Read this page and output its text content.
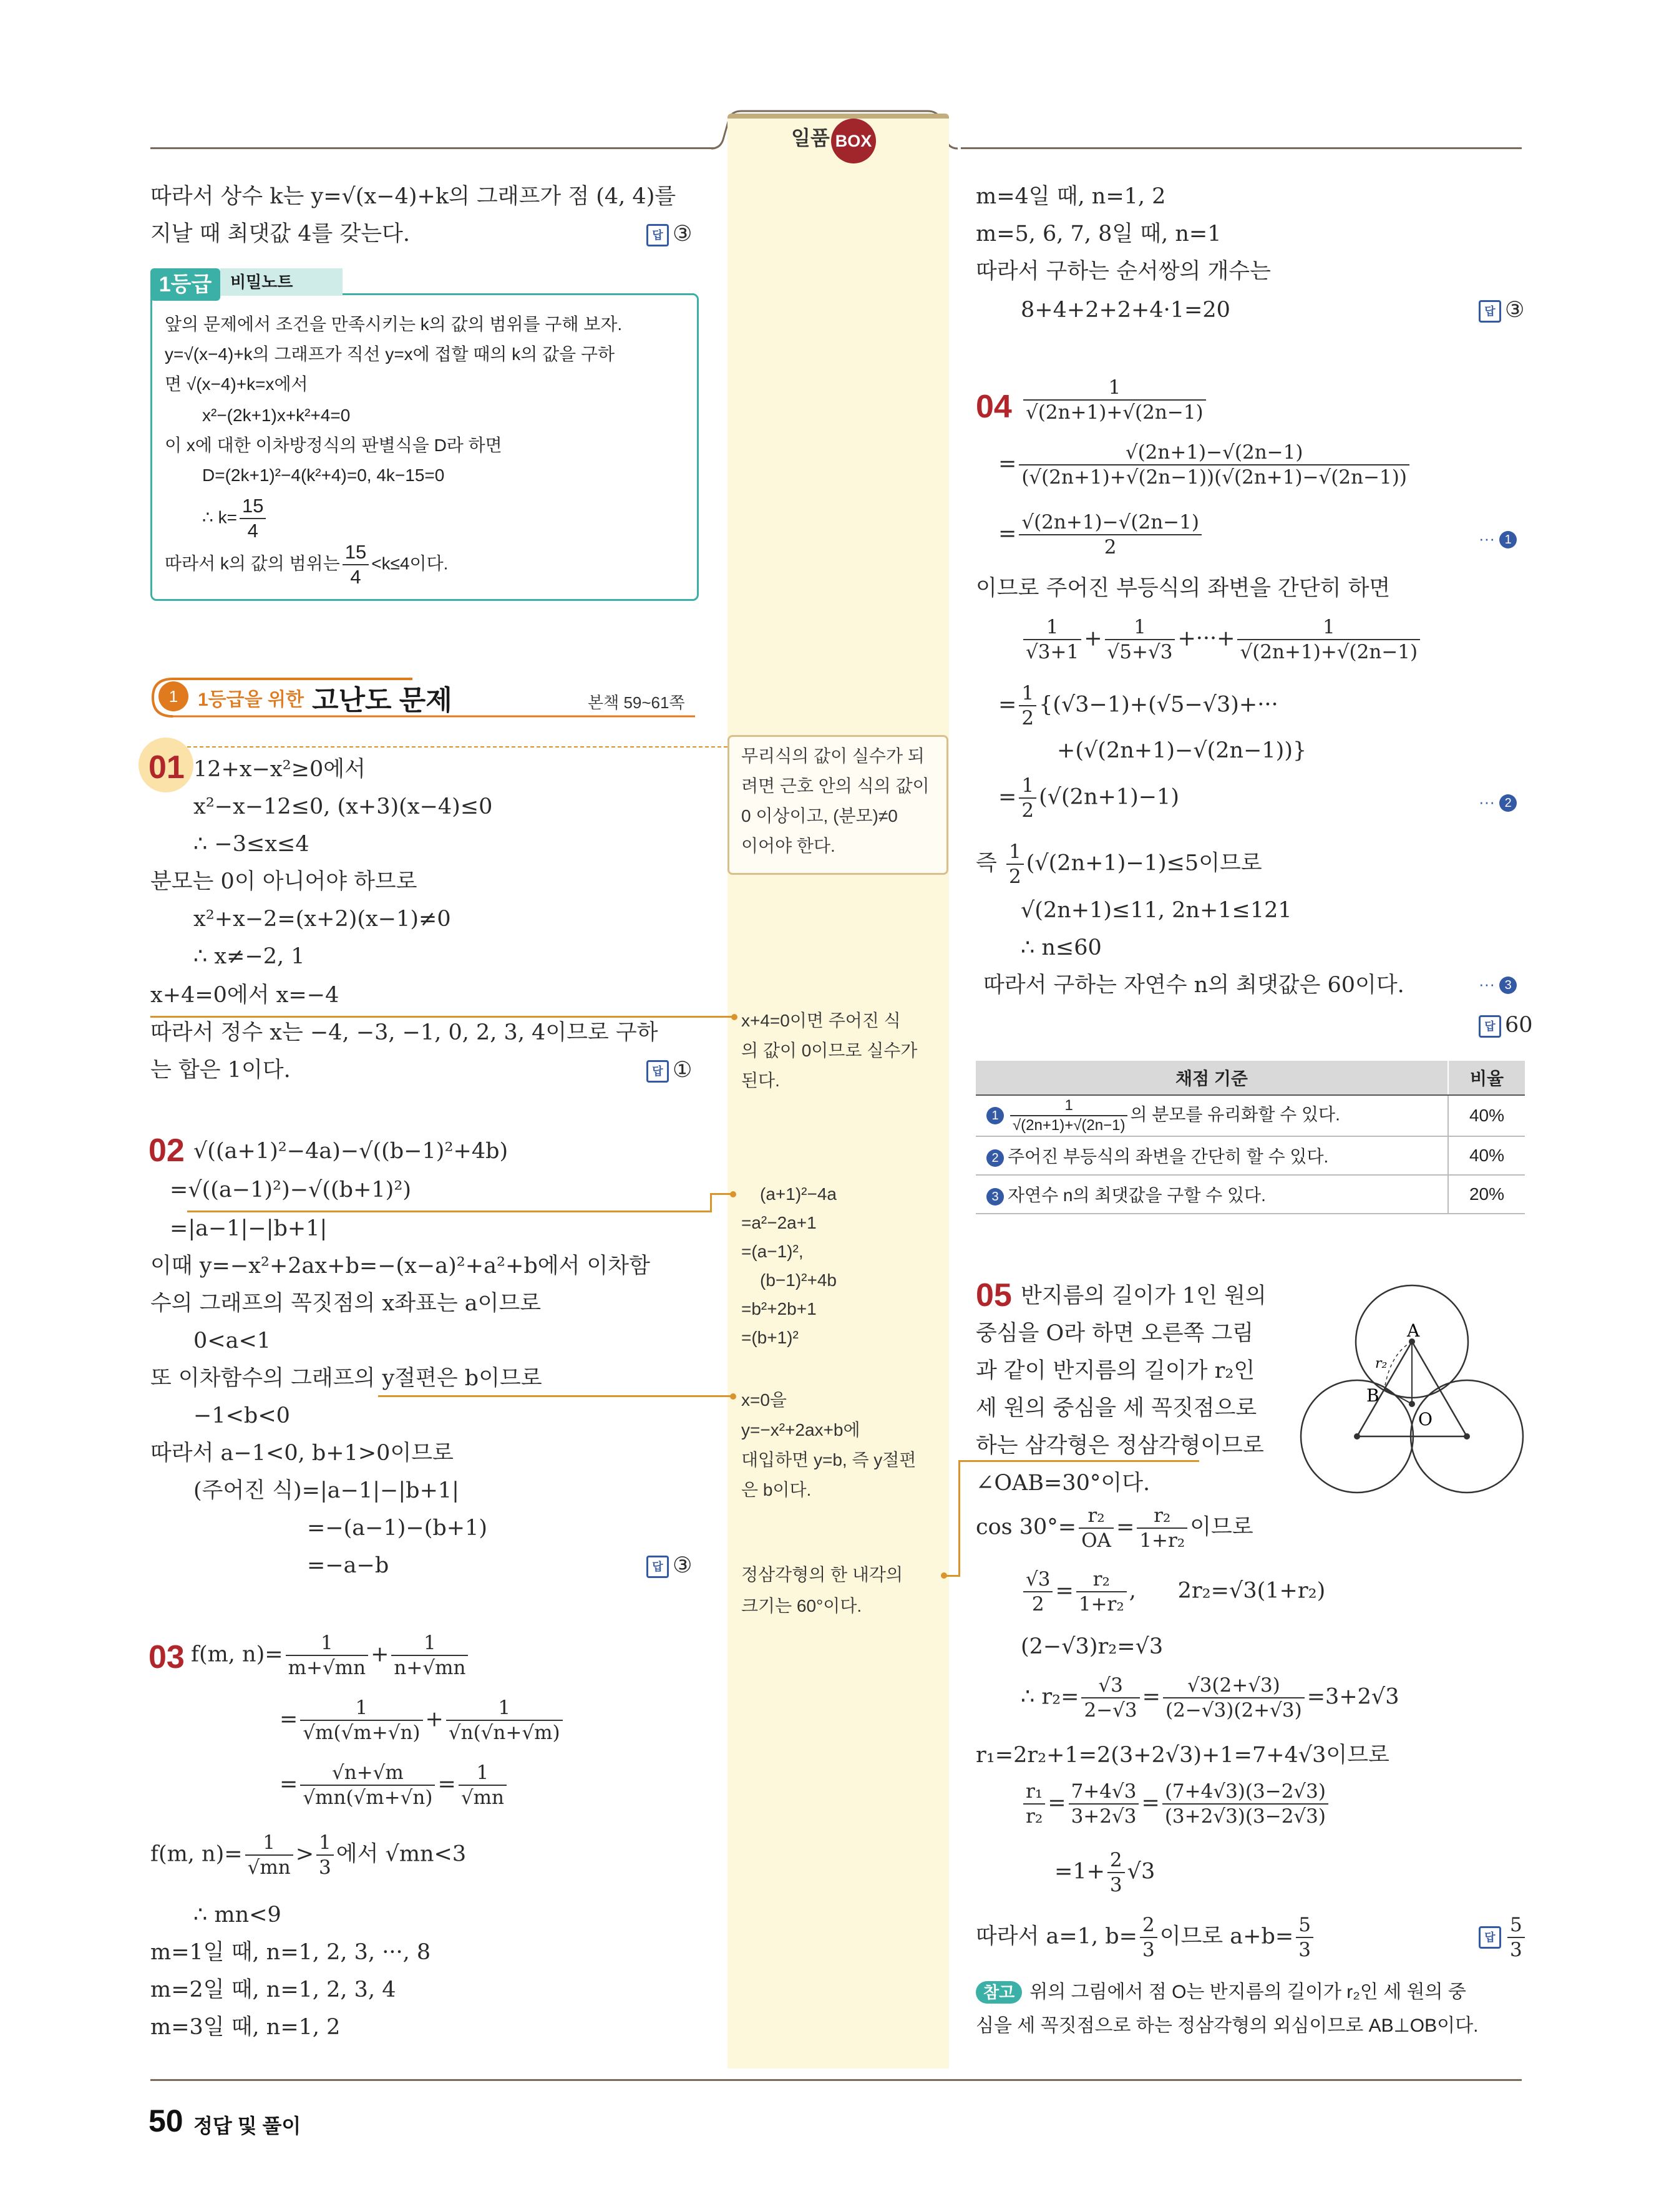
일품 BOX
따라서 상수 k는 y=√(x−4)+k의 그래프가 점 (4, 4)를
지날 때 최댓값 4를 갖는다.	답 ③
1등급	비밀노트
앞의 문제에서 조건을 만족시키는 k의 값의 범위를 구해 보자.
y=√(x−4)+k의 그래프가 직선 y=x에 접할 때의 k의 값을 구하
면 √(x−4)+k=x에서
x²−(2k+1)x+k²+4=0
이 x에 대한 이차방정식의 판별식을 D라 하면
D=(2k+1)²−4(k²+4)=0, 4k−15=0
∴ $k= \frac{15}{4}$
따라서 k의 값의 범위는 $\frac{15}{4} <k\le 4$이다.
1	1등급을 위한 고난도 문제	본책 59~61쪽
01 12+x−x²≥0에서
x²−x−12≤0, (x+3)(x−4)≤0
∴ −3≤x≤4
분모는 0이 아니어야 하므로
x²+x−2=(x+2)(x−1)≠0
∴ x≠−2, 1
x+4=0에서 x=−4
따라서 정수 x는 −4, −3, −1, 0, 2, 3, 4이므로 구하
는 합은 1이다.	답 ①
02 √((a+1)²−4a)−√((b−1)²+4b)
=√((a−1)²)−√((b+1)²)
=|a−1|−|b+1|
이때 y=−x²+2ax+b=−(x−a)²+a²+b에서 이차함
수의 그래프의 꼭짓점의 x좌표는 a이므로
0<a<1
또 이차함수의 그래프의 y절편은 b이므로
−1<b<0
따라서 a−1<0, b+1>0이므로
(주어진 식)=|a−1|−|b+1|
=−(a−1)−(b+1)
=−a−b	답 ③
03 f(m, $n)= \frac{1}{m+√mn} + \frac{1}{n+√mn}$
= $\frac{1}{√m(√m+√n)} + \frac{1}{√n(√n+√m)}$
= $\frac{√n+√m}{√mn(√m+√n)} = \frac{1}{√mn}$
f(m, $n)= \frac{1}{√mn} > \frac{1}{3}$ 에서 √mn<3
∴ mn<9
m=1일 때, n=1, 2, 3, ···, 8
m=2일 때, n=1, 2, 3, 4
m=3일 때, n=1, 2
무리식의 값이 실수가 되
려면 근호 안의 식의 값이
0 이상이고, (분모)≠0
이어야 한다.
x+4=0이면 주어진 식
의 값이 0이므로 실수가
된다.
(a+1)²−4a
=a²−2a+1
=(a−1)²,
(b−1)²+4b
=b²+2b+1
=(b+1)²
x=0을
y=−x²+2ax+b에
대입하면 y=b, 즉 y절편
은 b이다.
정삼각형의 한 내각의
크기는 60°이다.
m=4일 때, n=1, 2
m=5, 6, 7, 8일 때, n=1
따라서 구하는 순서쌍의 개수는
8+4+2+2+4·1=20	답 ③
$04 \frac{1}{√(2n+1)+√(2n-1)}$
= $\frac{√(2n+1)-√(2n-1)}{(√(2n+1)+√(2n-1))(√(2n+1)-√(2n-1))}$
= $\frac{√(2n+1)-√(2n-1)}{2}$	··· 1
이므로 주어진 부등식의 좌변을 간단히 하면
$\frac{1}{√3+1} + \frac{1}{√5+√3}$ +···+ $\frac{1}{√(2n+1)+√(2n-1)}$
= $\frac{1}{2} \{(√3-1)+(√5-√3)+\cdot\cdot\cdot$
+(√(2n+1)−√(2n−1))}
= $\frac{1}{2} (√(2n+1)-1)$	··· 2
즉 $\frac{1}{2} (√(2n+1)-1)\le 5$이므로
√(2n+1)≤11, 2n+1≤121
∴ n≤60
따라서 구하는 자연수 n의 최댓값은 60이다.	··· 3
답 60
채점 기준	비율
$1 \frac{1}{√(2n+1)+√(2n-1)}$ 의 분모를 유리화할 수 있다.	40%
2 주어진 부등식의 좌변을 간단히 할 수 있다.	40%
3 자연수 n의 최댓값을 구할 수 있다.	20%
05 반지름의 길이가 1인 원의
중심을 O라 하면 오른쪽 그림
과 같이 반지름의 길이가 r₂인
세 원의 중심을 세 꼭짓점으로
하는 삼각형은 정삼각형이므로
∠OAB=30°이다.
A
B
O
r₂
$\cos 30^\circ= \frac{\text{r₂}}{OA} = \frac{\text{r₂}}{\text{1+r₂}}$ 이므로
$\frac{√3}{2} = \frac{\text{r₂}}{\text{1+r₂}}$ ,      2r₂=√3(1+r₂)
(2−√3)r₂=√3
∴ $r_2= \frac{√3}{2-√3} = \frac{√3(2+√3)}{(2-√3)(2+√3)} =3+2√3$
r₁=2r₂+1=2(3+2√3)+1=7+4√3이므로
$\frac{\text{r₁}}{\text{r₂}} = \frac{7+4√3}{3+2√3} = \frac{(7+4√3)(3-2√3)}{(3+2√3)(3-2√3)}$
$=1+ \frac{2}{3} √3$
따라서 a=1, $b= \frac{2}{3}$ 이므로 $a+b= \frac{5}{3}$	답 $\frac{5}{3}$
참고 위의 그림에서 점 O는 반지름의 길이가 r₂인 세 원의 중
심을 세 꼭짓점으로 하는 정삼각형의 외심이므로 AB⊥OB이다.
50 정답 및 풀이
